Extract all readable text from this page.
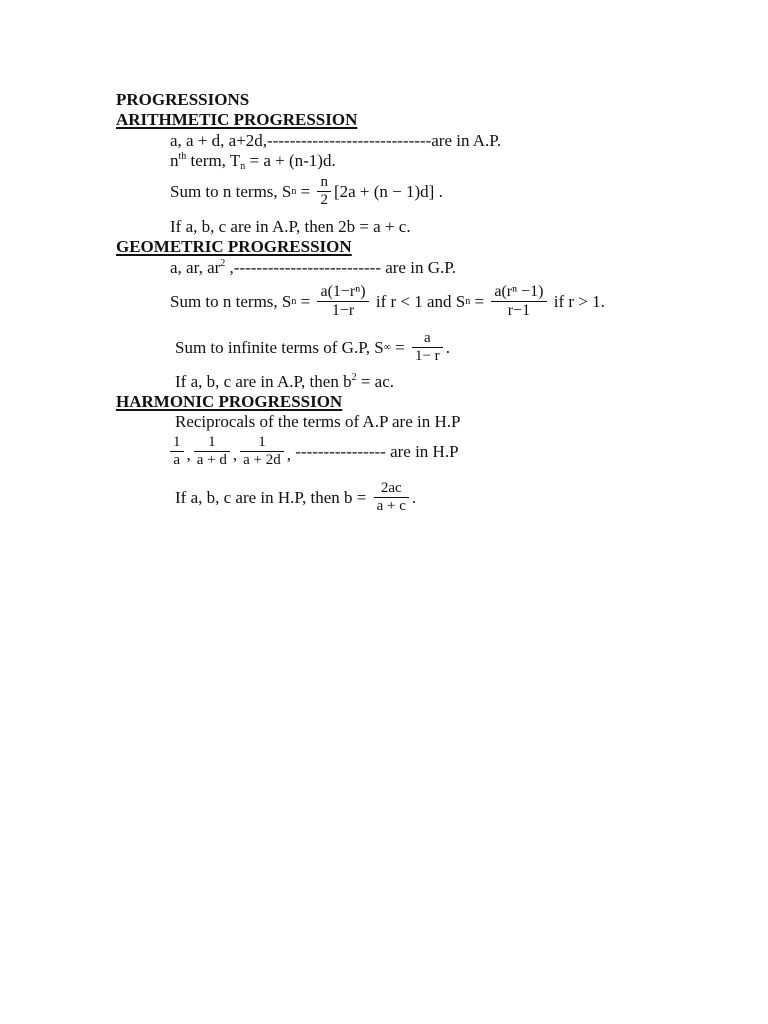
PROGRESSIONS
ARITHMETIC PROGRESSION
a, a + d, a+2d,-----------------------------are in A.P.
$n^{th}$ term, $T_n = a + (n-1)d$.
Sum to n terms, S $n = \frac{n}{2} [2a + (n - 1)d]$ .
If a, b, c are in A.P, then 2b = a + c.
GEOMETRIC PROGRESSION
a, ar, $ar^2$ ,-------------------------- are in G.P.
Sum to n terms, S $n = \frac{\text{a(1−rⁿ)}}{1-r}$ if r < 1 and S $n = \frac{\text{a(rⁿ −1)}}{r-1}$ if r > 1.
Sum to infinite terms of G.P, S ∞ = $\frac{a}{1- r}$ .
If a, b, c are in A.P, then $b^2$ = ac.
HARMONIC PROGRESSION
Reciprocals of the terms of A.P are in H.P
$\frac{1}{a}$ , $\frac{1}{a + d}$ , $\frac{1}{a + 2d}$ , ---------------- are in H.P
If a, b, c are in H.P, then $b = \frac{2ac}{a + c}$ .
